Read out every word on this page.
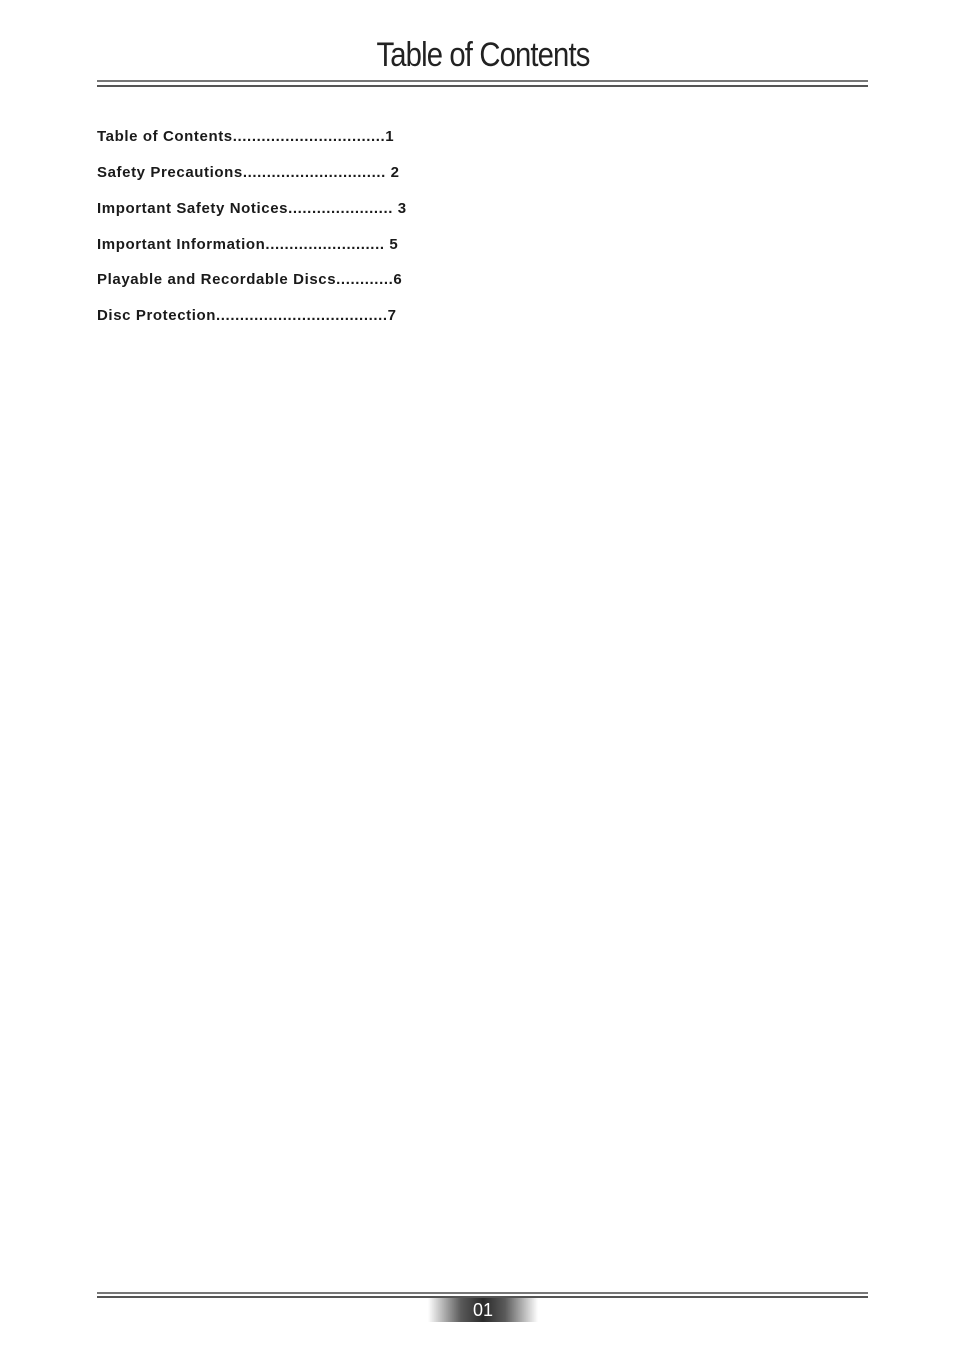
Table of Contents
Table of Contents................................1
Safety Precautions.............................. 2
Important Safety Notices...................... 3
Important Information......................... 5
Playable and Recordable Discs............6
Disc Protection....................................7
01
